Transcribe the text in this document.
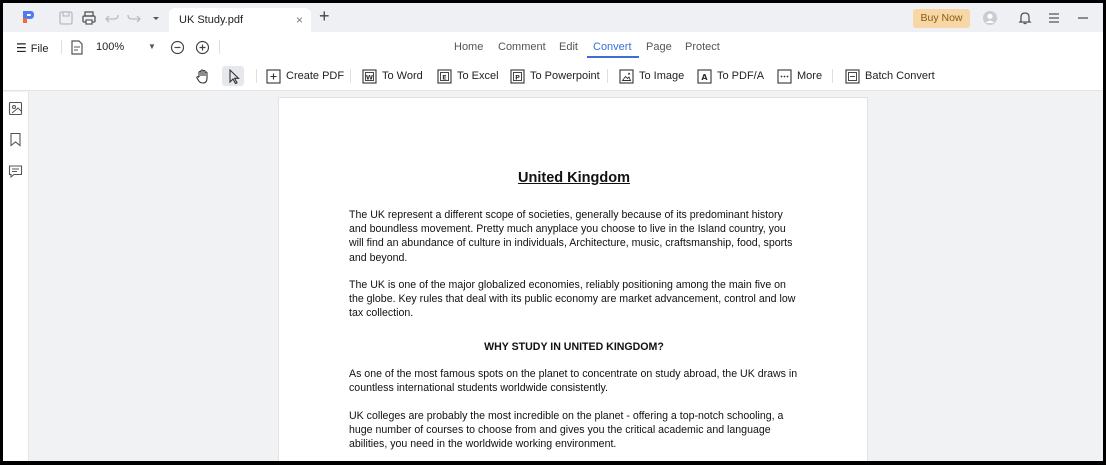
UK Study.pdf	× +	Buy Now
☰ File	100%	▼	Home Comment Edit Convert Page Protect
Create PDF	W To Word	E To Excel	P To Powerpoint	To Image A To PDF/A	More	Batch Convert
United Kingdom

The UK represent a different scope of societies, generally because of its predominant history and boundless movement. Pretty much anyplace you choose to live in the Island country, you will find an abundance of culture in individuals, Architecture, music, craftsmanship, food, sports and beyond.

The UK is one of the major globalized economies, reliably positioning among the main five on the globe. Key rules that deal with its public economy are market advancement, control and low tax collection.

WHY STUDY IN UNITED KINGDOM?

As one of the most famous spots on the planet to concentrate on study abroad, the UK draws in countless international students worldwide consistently.

UK colleges are probably the most incredible on the planet - offering a top-notch schooling, a huge number of courses to choose from and gives you the critical academic and language abilities, you need in the worldwide working environment.
